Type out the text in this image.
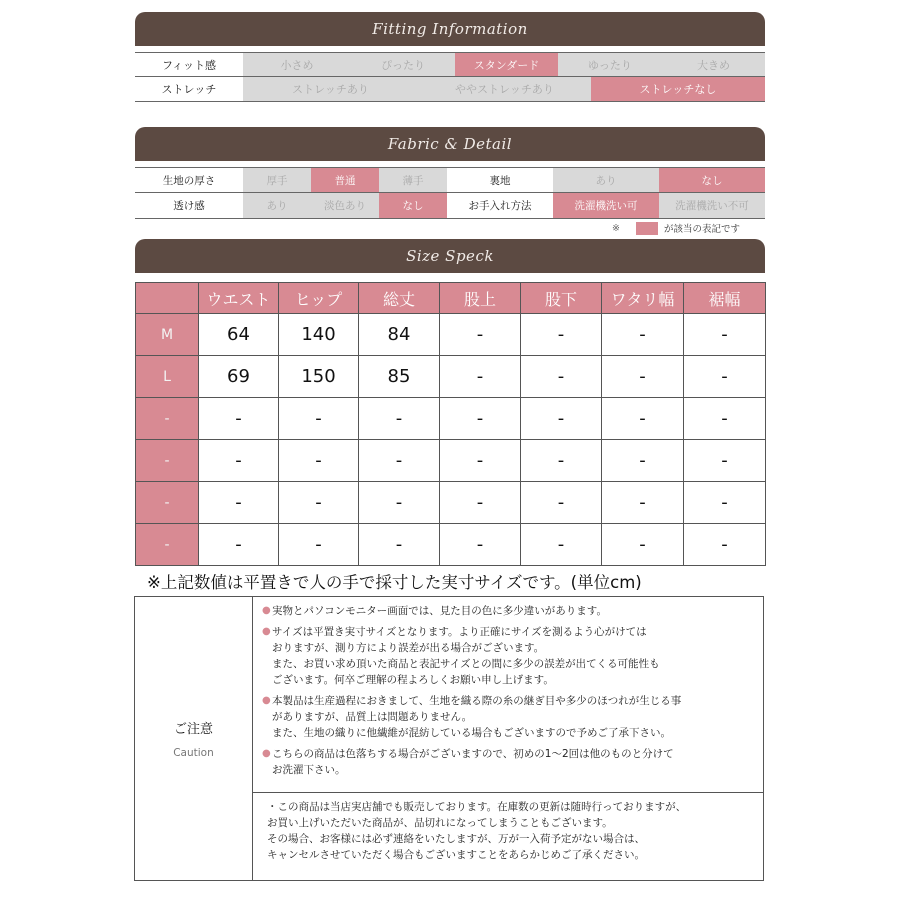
Fitting Information
フィット感	小さめ	ぴったり	スタンダード	ゆったり	大きめ
ストレッチ	ストレッチあり	ややストレッチあり	ストレッチなし
Fabric & Detail
生地の厚さ	厚手	普通	薄手	裏地	あり	なし
透け感	あり	淡色あり	なし	お手入れ方法	洗濯機洗い可	洗濯機洗い不可
※	が該当の表記です
Size Speck
	ウエスト	ヒップ	総丈	股上	股下	ワタリ幅	裾幅
M	64	140	84	-	-	-	-
L	69	150	85	-	-	-	-
-	-	-	-	-	-	-	-
-	-	-	-	-	-	-	-
-	-	-	-	-	-	-	-
-	-	-	-	-	-	-	-
※上記数値は平置きで人の手で採寸した実寸サイズです。(単位cm)
ご注意
Caution
● 実物とパソコンモニター画面では、見た目の色に多少違いがあります。
● サイズは平置き実寸サイズとなります。より正確にサイズを測るよう心がけては
おりますが、測り方により誤差が出る場合がございます。
また、お買い求め頂いた商品と表記サイズとの間に多少の誤差が出てくる可能性も
ございます。何卒ご理解の程よろしくお願い申し上げます。
● 本製品は生産過程におきまして、生地を織る際の糸の継ぎ目や多少のほつれが生じる事
がありますが、品質上は問題ありません。
また、生地の織りに他繊維が混紡している場合もございますので予めご了承下さい。
● こちらの商品は色落ちする場合がございますので、初めの1～2回は他のものと分けて
お洗濯下さい。
・この商品は当店実店舗でも販売しております。在庫数の更新は随時行っておりますが、
お買い上げいただいた商品が、品切れになってしまうこともございます。
その場合、お客様には必ず連絡をいたしますが、万が一入荷予定がない場合は、
キャンセルさせていただく場合もございますことをあらかじめご了承ください。
